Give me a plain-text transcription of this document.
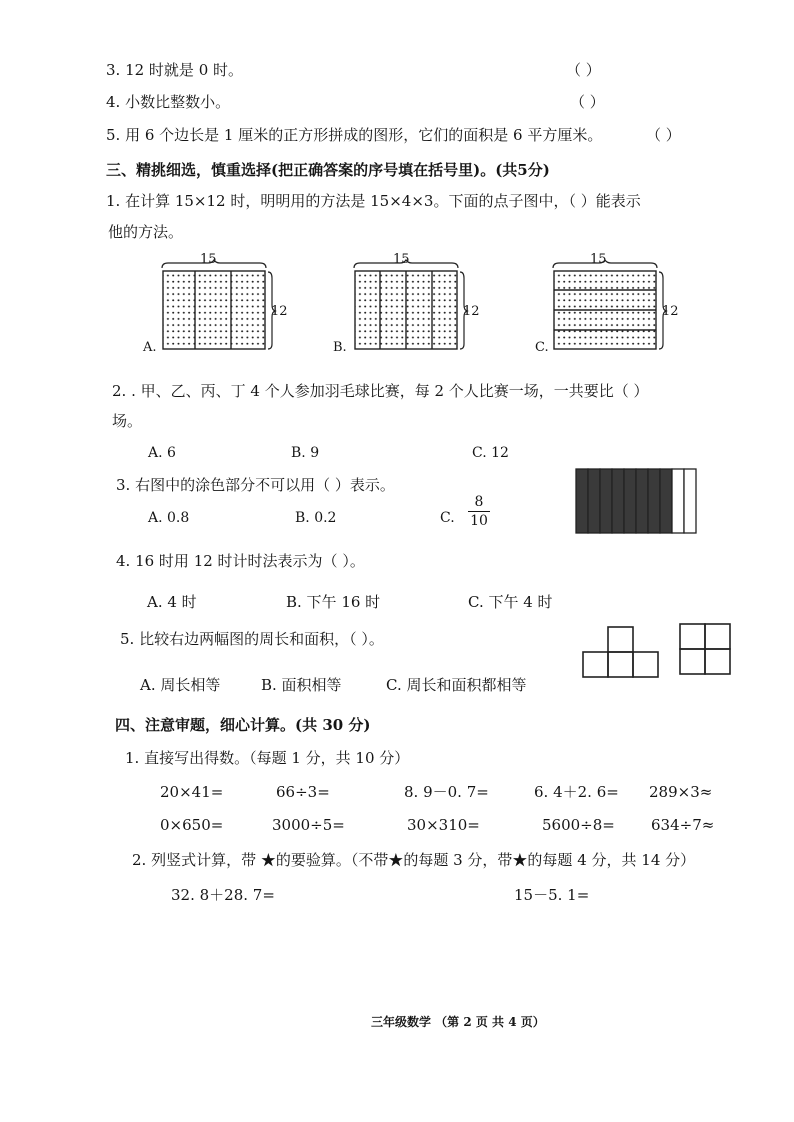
3. 12 时就是 0 时。	（ ）
4. 小数比整数小。	（ ）
5. 用 6 个边长是 1 厘米的正方形拼成的图形，它们的面积是 6 平方厘米。	（ ）
三、精挑细选，慎重选择(把正确答案的序号填在括号里)。(共5分)
1. 在计算 15×12 时，明明用的方法是 15×4×3。下面的点子图中，（ ）能表示
他的方法。
15
12
A.
15
12
B.
15
12
C.
2. . 甲、乙、丙、丁 4 个人参加羽毛球比赛，每 2 个人比赛一场，一共要比（ ）
场。
A. 6	B. 9	C. 12
3. 右图中的涂色部分不可以用（ ）表示。
A. 0.8	B. 0.2	C.
8
10
4. 16 时用 12 时计时法表示为（ ）。
A. 4 时	B. 下午 16 时	C. 下午 4 时
5. 比较右边两幅图的周长和面积，（ ）。
A. 周长相等	B. 面积相等	C. 周长和面积都相等
四、注意审题，细心计算。(共 30 分)
1. 直接写出得数。（每题 1 分，共 10 分）
20×41=	66÷3=	8. 9－0. 7=	6. 4＋2. 6= 289×3≈
0×650=	3000÷5=	30×310=	5600÷8= 634÷7≈
2. 列竖式计算，带 ★的要验算。（不带★的每题 3 分，带★的每题 4 分，共 14 分）
32. 8＋28. 7=	15－5. 1=
三年级数学 （第 2 页 共 4 页）
